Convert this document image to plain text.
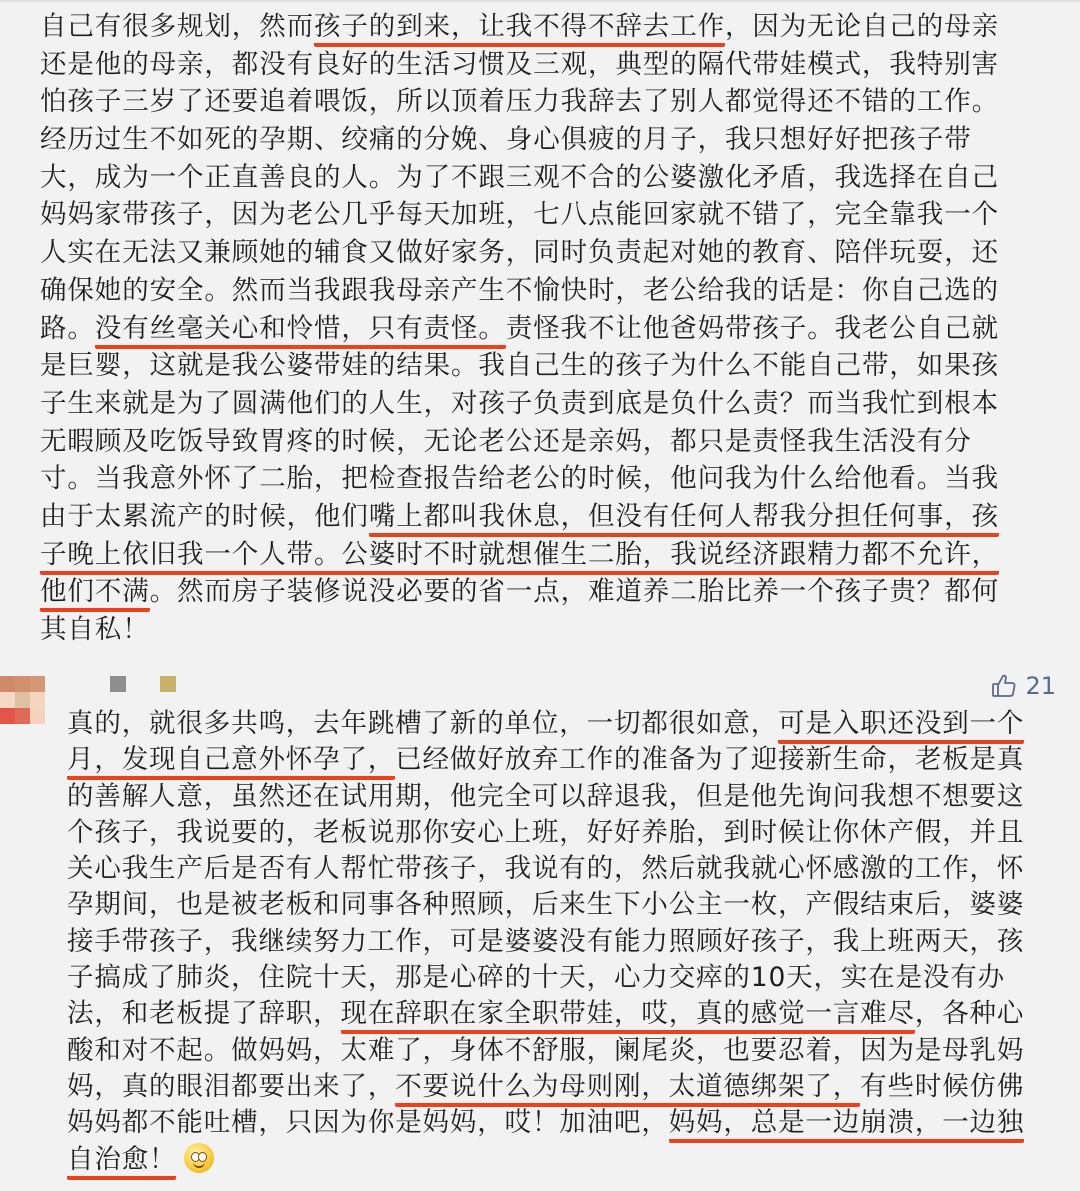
自己有很多规划，然而孩子的到来，让我不得不辞去工作，因为无论自己的母亲
还是他的母亲，都没有良好的生活习惯及三观，典型的隔代带娃模式，我特别害
怕孩子三岁了还要追着喂饭，所以顶着压力我辞去了别人都觉得还不错的工作。
经历过生不如死的孕期、绞痛的分娩、身心俱疲的月子，我只想好好把孩子带
大，成为一个正直善良的人。为了不跟三观不合的公婆激化矛盾，我选择在自己
妈妈家带孩子，因为老公几乎每天加班，七八点能回家就不错了，完全靠我一个
人实在无法又兼顾她的辅食又做好家务，同时负责起对她的教育、陪伴玩耍，还
确保她的安全。然而当我跟我母亲产生不愉快时，老公给我的话是：你自己选的
路。没有丝毫关心和怜惜，只有责怪。责怪我不让他爸妈带孩子。我老公自己就
是巨婴，这就是我公婆带娃的结果。我自己生的孩子为什么不能自己带，如果孩
子生来就是为了圆满他们的人生，对孩子负责到底是负什么责？而当我忙到根本
无暇顾及吃饭导致胃疼的时候，无论老公还是亲妈，都只是责怪我生活没有分
寸。当我意外怀了二胎，把检查报告给老公的时候，他问我为什么给他看。当我
由于太累流产的时候，他们嘴上都叫我休息，但没有任何人帮我分担任何事，孩
子晚上依旧我一个人带。公婆时不时就想催生二胎，我说经济跟精力都不允许，
他们不满。然而房子装修说没必要的省一点，难道养二胎比养一个孩子贵？都何
其自私！
21
真的，就很多共鸣，去年跳槽了新的单位，一切都很如意，可是入职还没到一个
月，发现自己意外怀孕了，已经做好放弃工作的准备为了迎接新生命，老板是真
的善解人意，虽然还在试用期，他完全可以辞退我，但是他先询问我想不想要这
个孩子，我说要的，老板说那你安心上班，好好养胎，到时候让你休产假，并且
关心我生产后是否有人帮忙带孩子，我说有的，然后就我就心怀感激的工作，怀
孕期间，也是被老板和同事各种照顾，后来生下小公主一枚，产假结束后，婆婆
接手带孩子，我继续努力工作，可是婆婆没有能力照顾好孩子，我上班两天，孩
子搞成了肺炎，住院十天，那是心碎的十天，心力交瘁的10天，实在是没有办
法，和老板提了辞职，现在辞职在家全职带娃，哎，真的感觉一言难尽，各种心
酸和对不起。做妈妈，太难了，身体不舒服，阑尾炎，也要忍着，因为是母乳妈
妈，真的眼泪都要出来了，不要说什么为母则刚，太道德绑架了，有些时候仿佛
妈妈都不能吐槽，只因为你是妈妈，哎！加油吧，妈妈，总是一边崩溃，一边独
自治愈！
